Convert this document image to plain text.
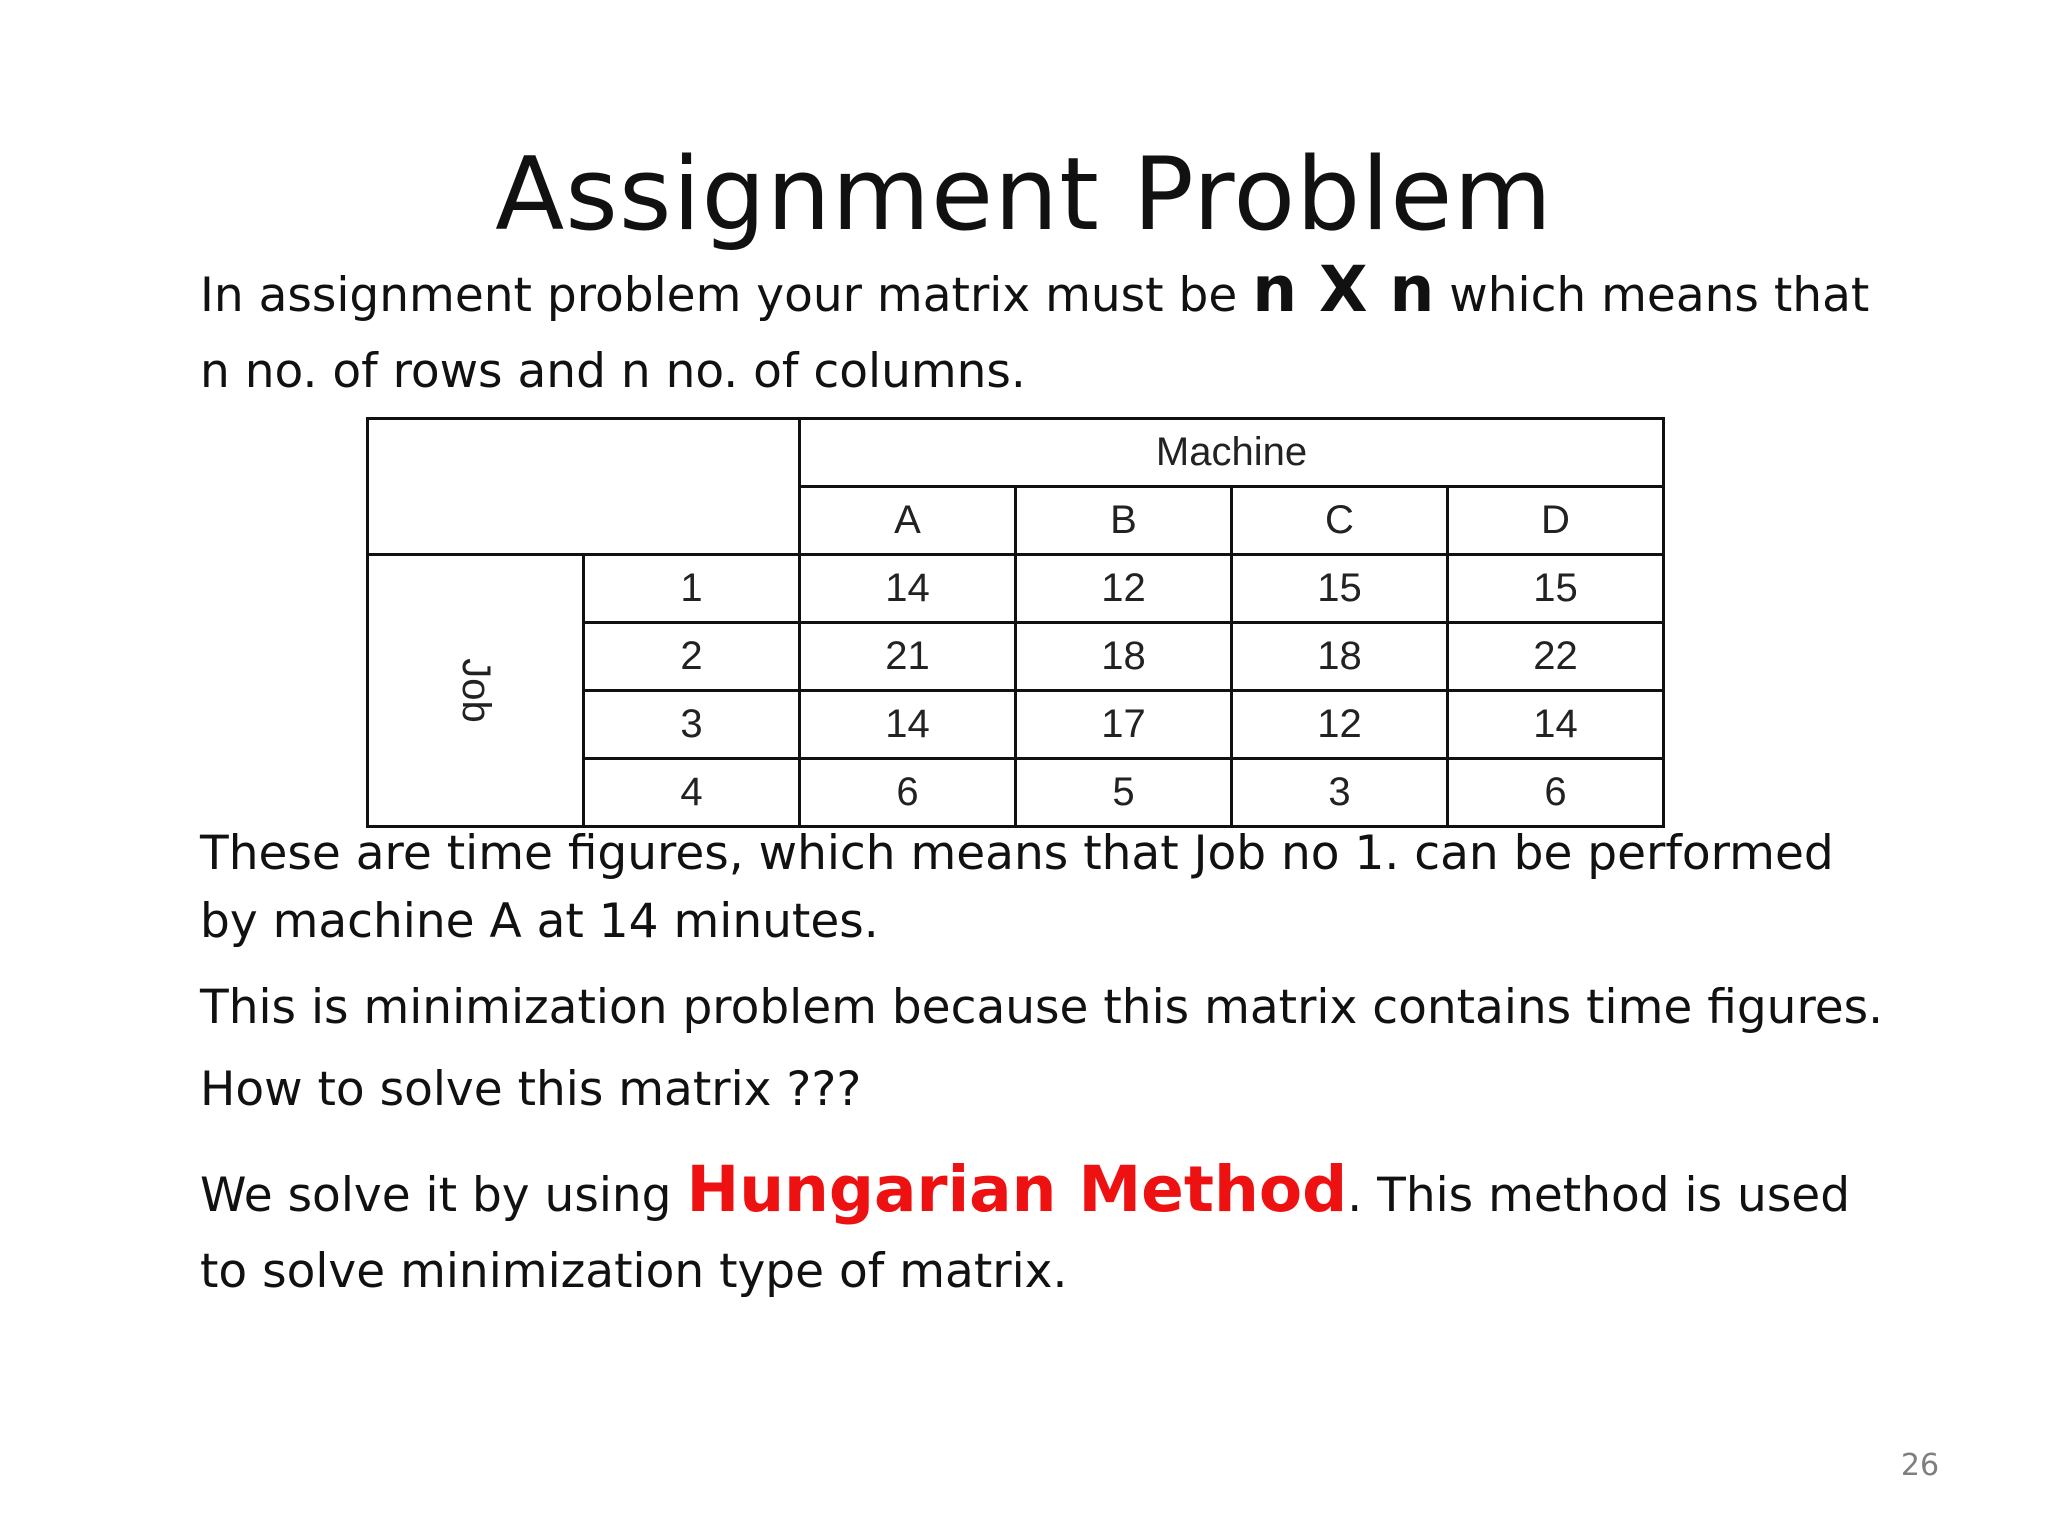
Assignment Problem

In assignment problem your matrix must be n X n which means that n no. of rows and n no. of columns.

		Machine			
		A	B	C	D
Job	1	14	12	15	15
	2	21	18	18	22
	3	14	17	12	14
	4	6	5	3	6

These are time figures, which means that Job no 1. can be performed by machine A at 14 minutes.

This is minimization problem because this matrix contains time figures.

How to solve this matrix ???

We solve it by using Hungarian Method. This method is used to solve minimization type of matrix.

26
